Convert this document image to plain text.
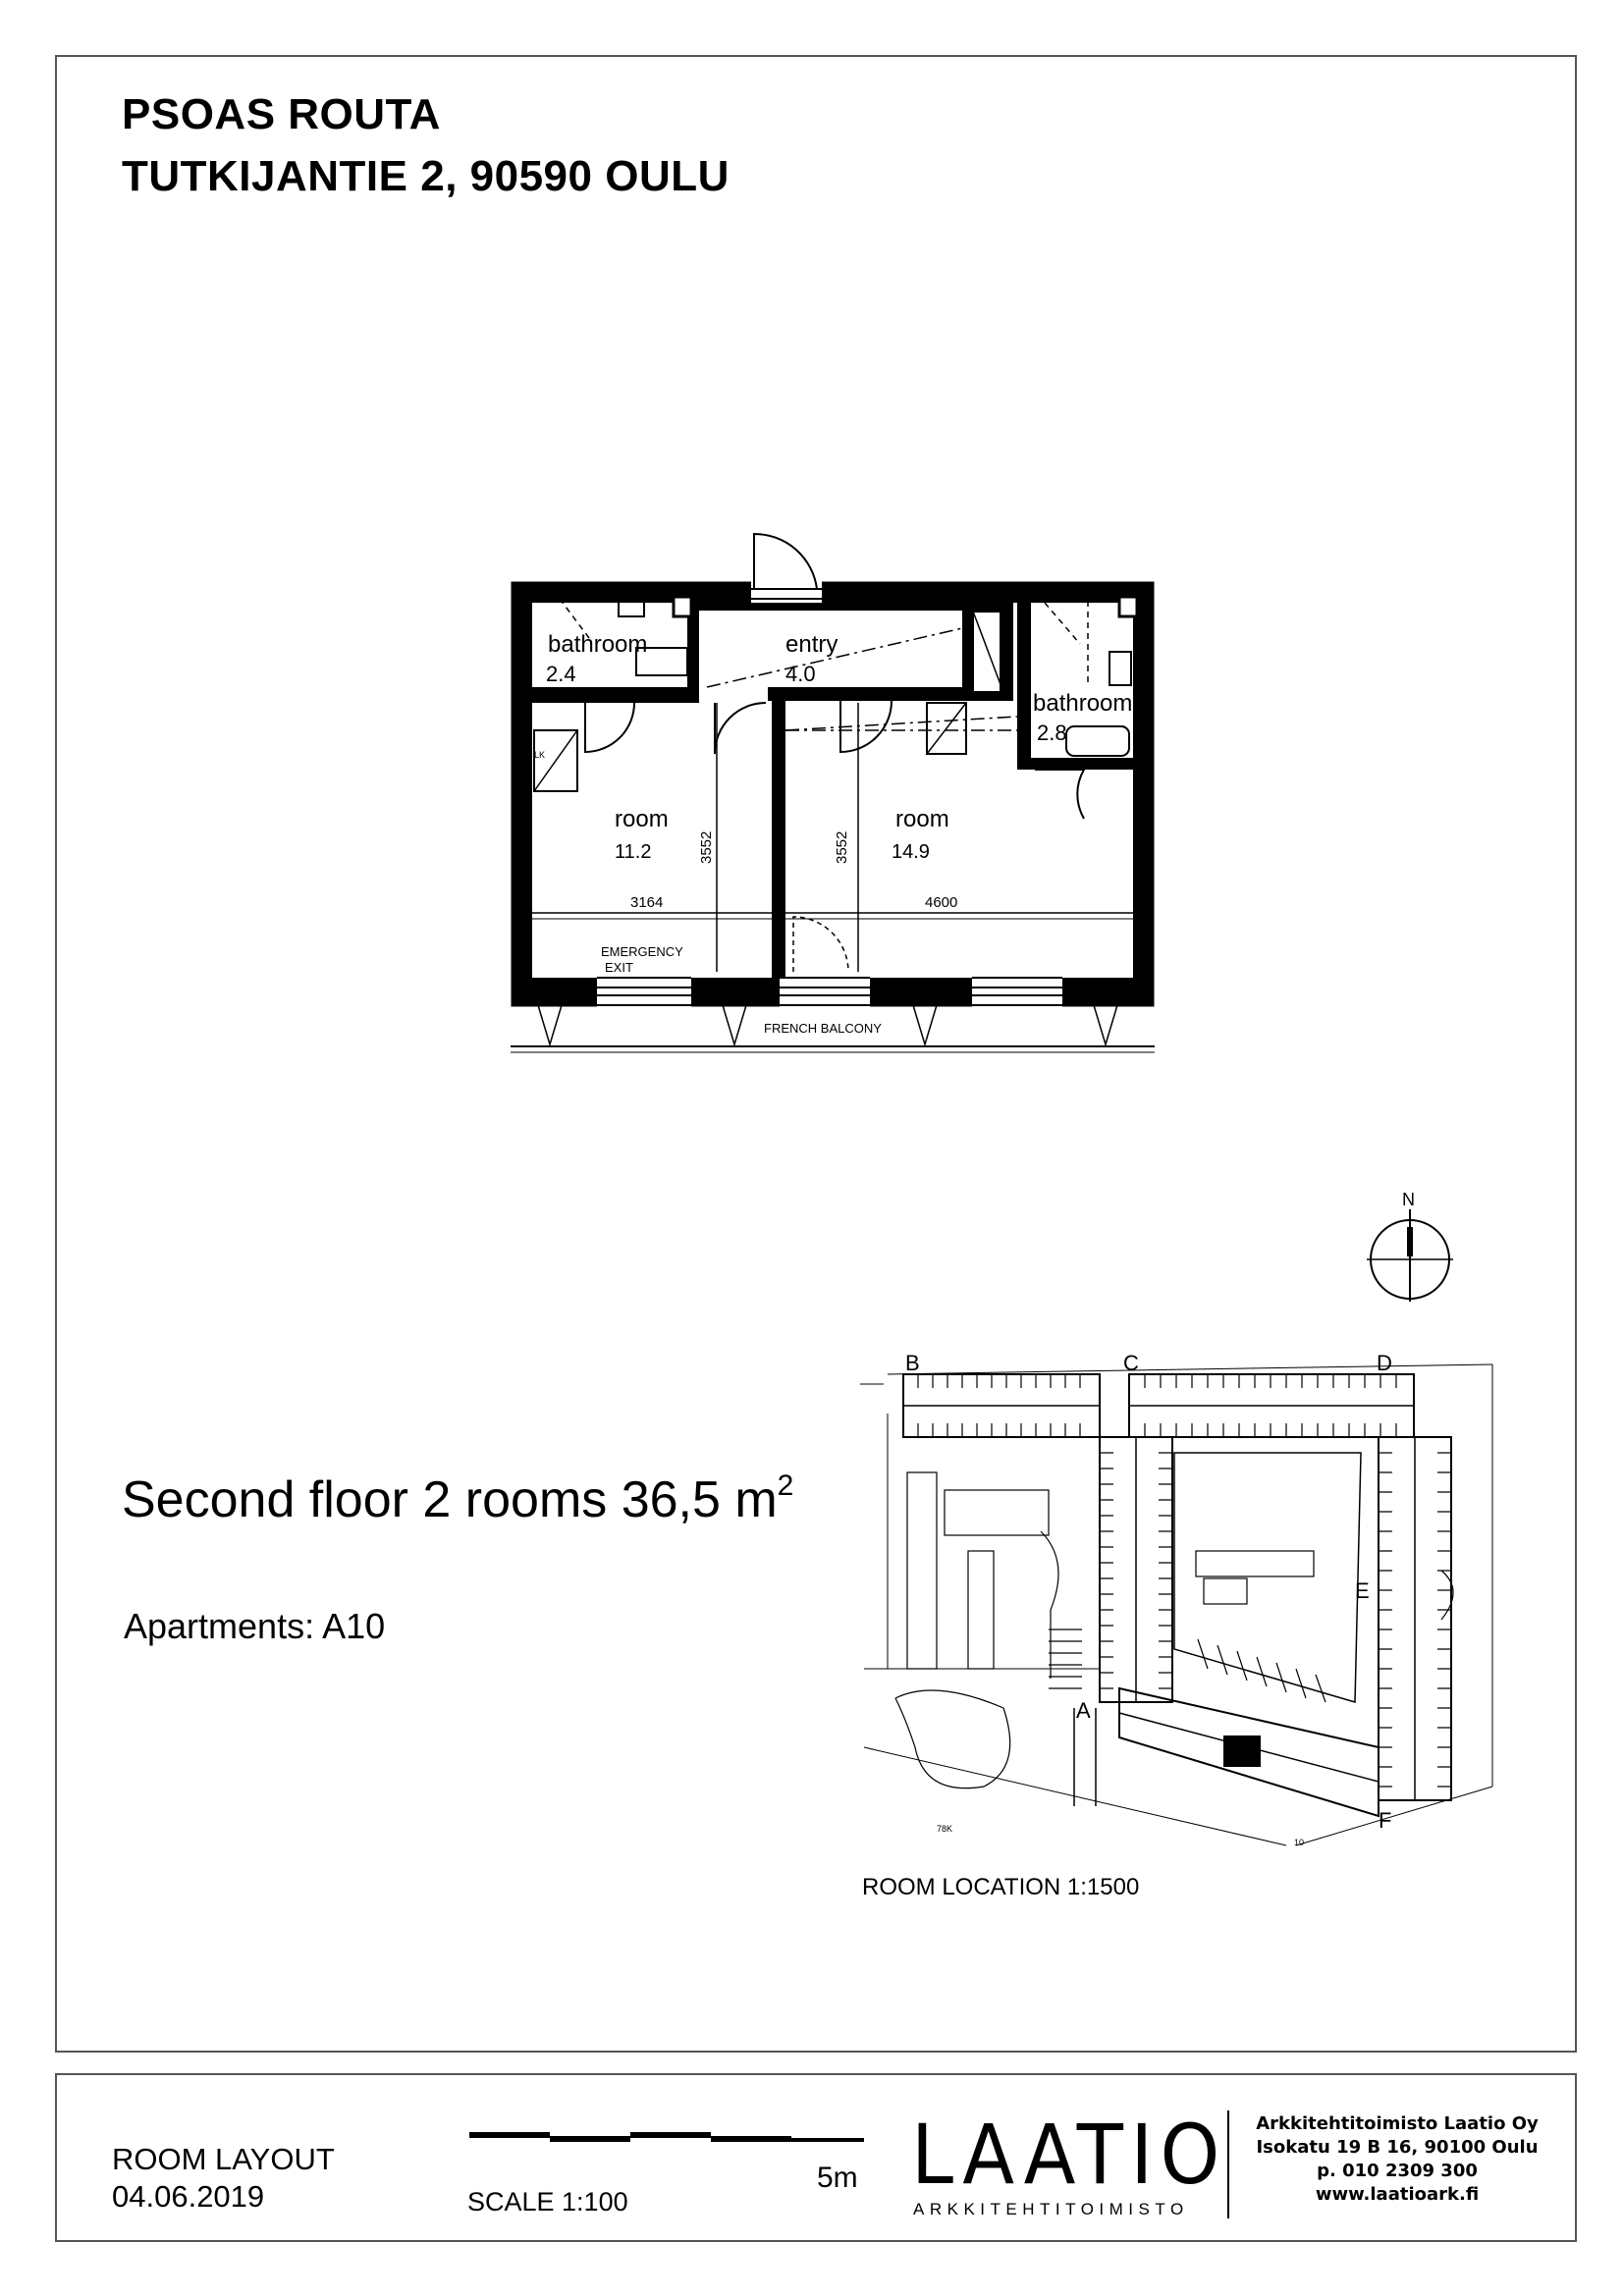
PSOAS ROUTA
TUTKIJANTIE 2, 90590 OULU
bathroom
2.4
entry
4.0
bathroom
2.8
room
11.2
room
14.9
3164	4600
3552	3552
EMERGENCY
EXIT
FRENCH BALCONY
LK
N
A
B	C	D
E
F
78K
10
ROOM LOCATION 1:1500
Second floor 2 rooms 36,5 $m^2$
Apartments: A10
ROOM LAYOUT
04.06.2019	SCALE 1:100
5m LAATIO
ARKKITEHTITOIMISTO
Arkkitehtitoimisto Laatio Oy
Isokatu 19 B 16, 90100 Oulu
p. 010 2309 300
www.laatioark.fi
